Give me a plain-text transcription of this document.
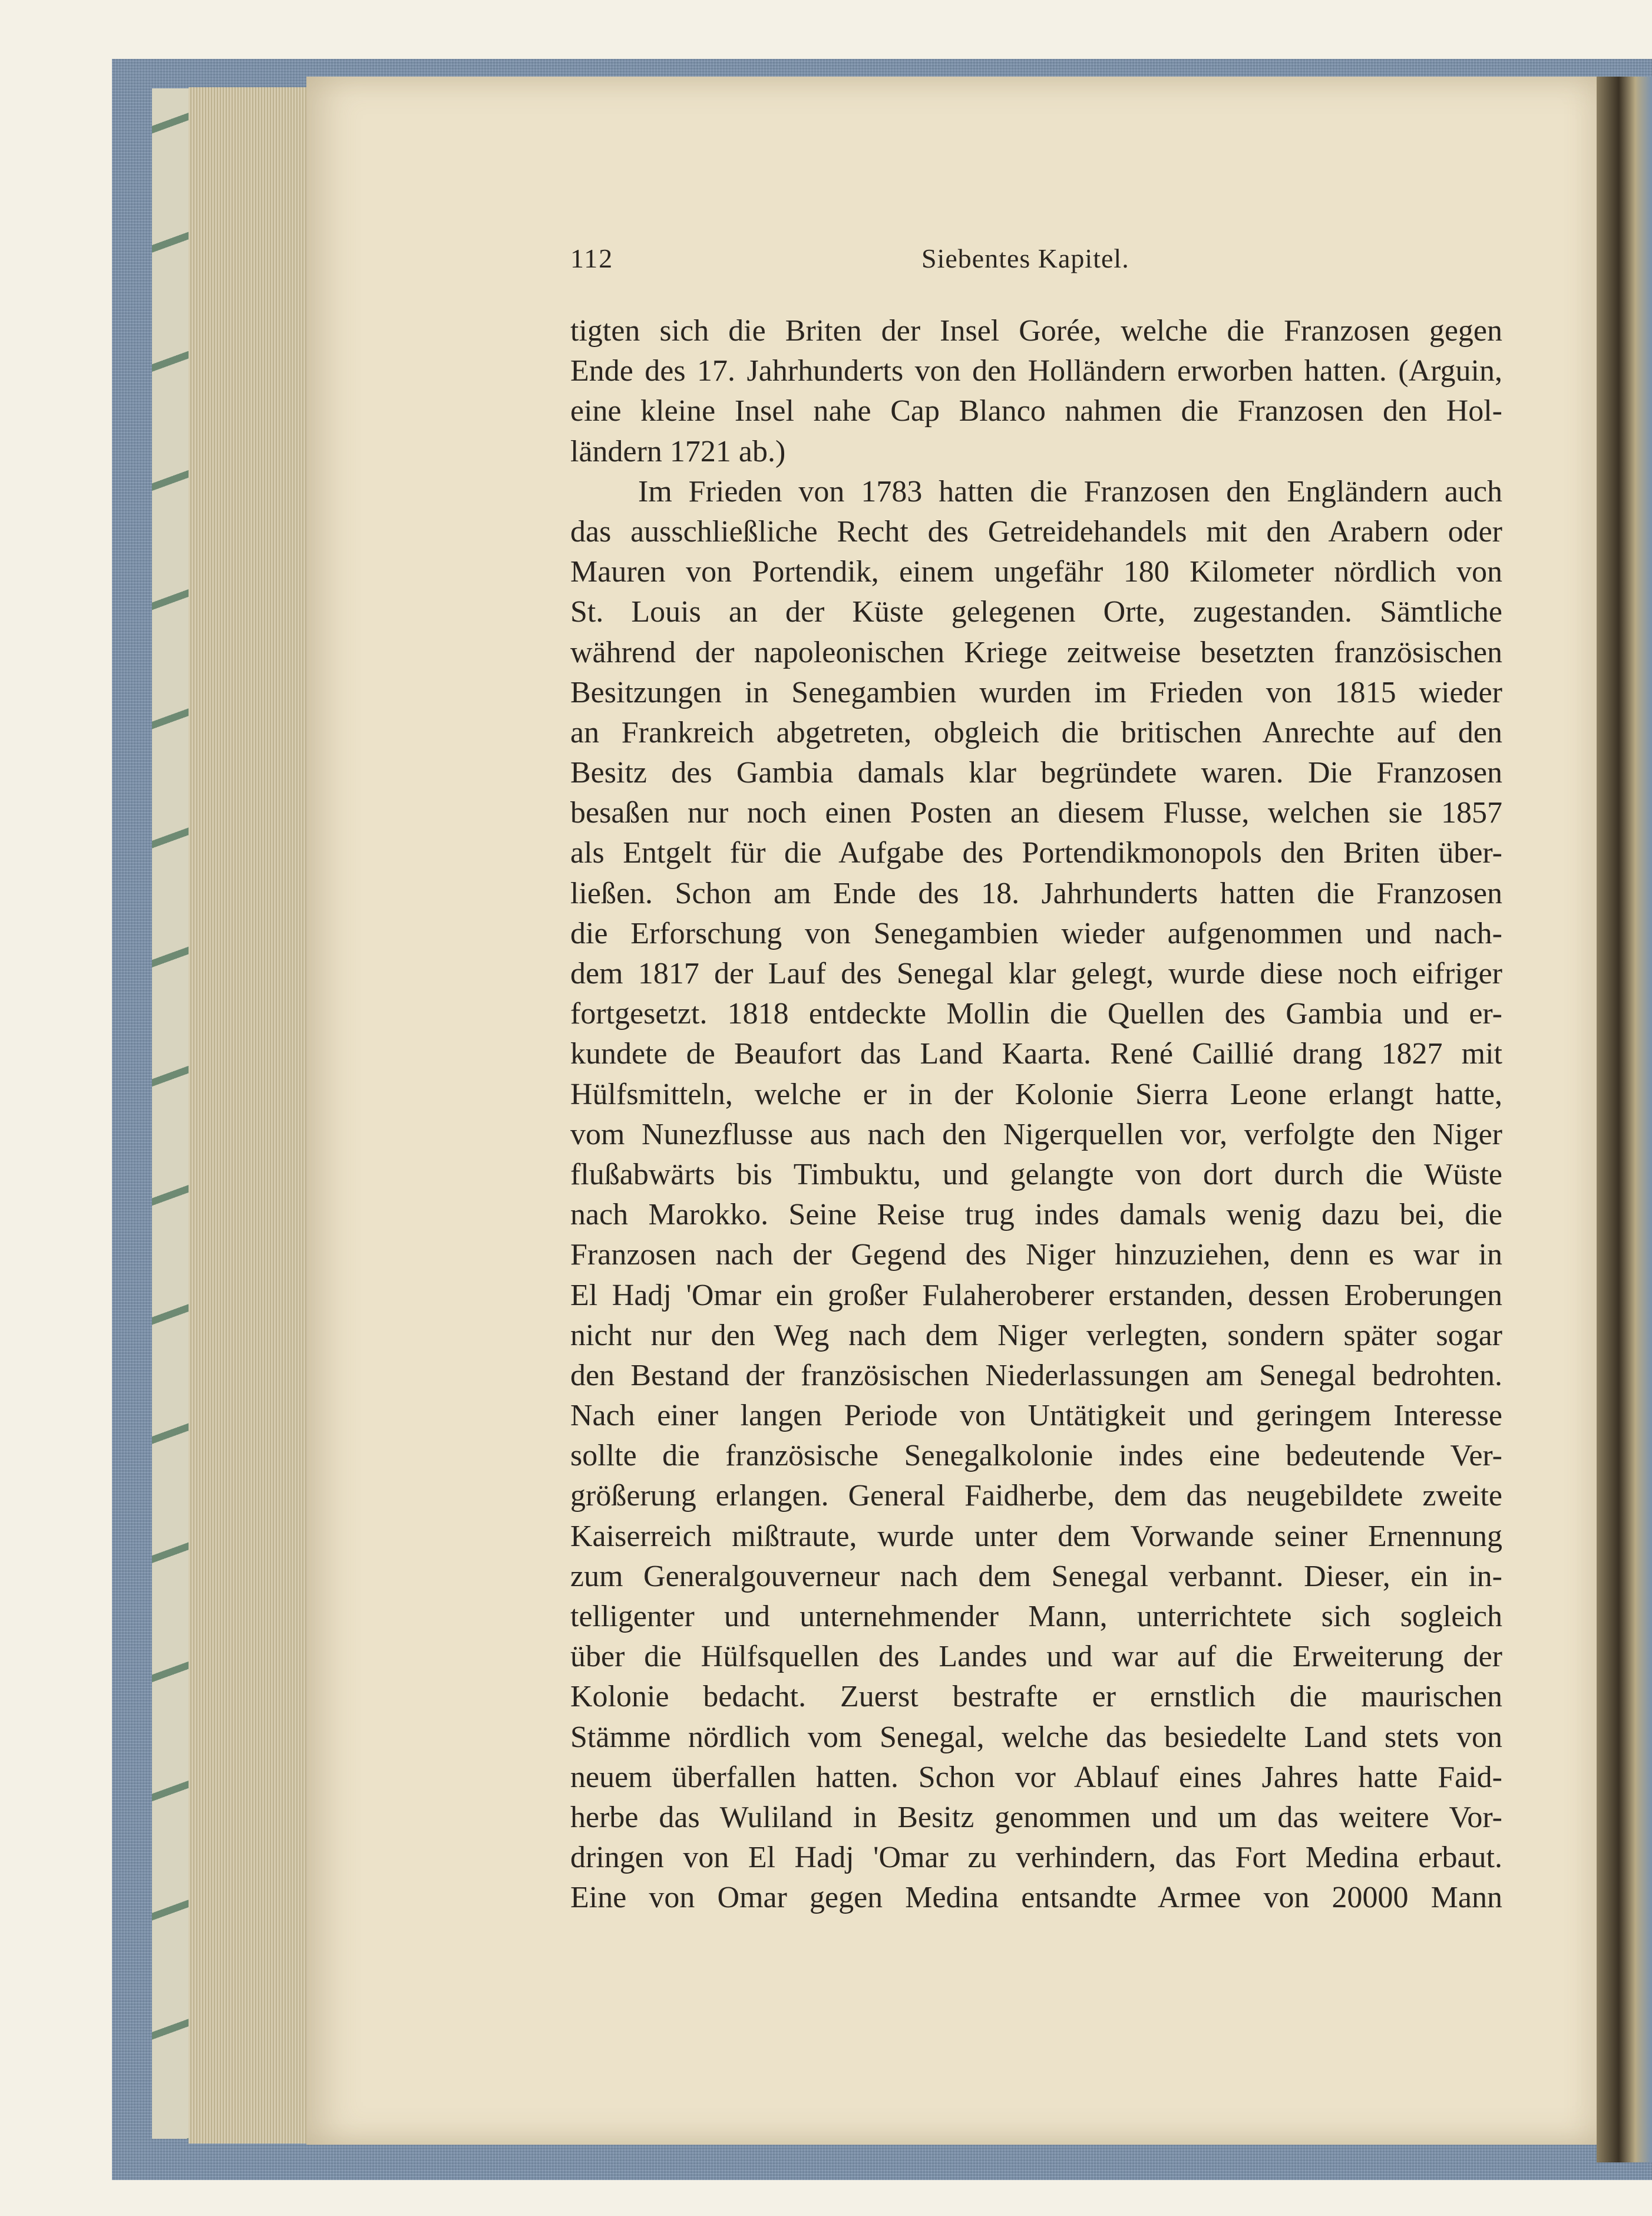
112	Siebentes Kapitel.
tigten sich die Briten der Insel Gorée, welche die Franzosen gegen
Ende des 17. Jahrhunderts von den Holländern erworben hatten. (Arguin,
eine kleine Insel nahe Cap Blanco nahmen die Franzosen den Hol-
ländern 1721 ab.)
Im Frieden von 1783 hatten die Franzosen den Engländern auch
das ausschließliche Recht des Getreidehandels mit den Arabern oder
Mauren von Portendik, einem ungefähr 180 Kilometer nördlich von
St. Louis an der Küste gelegenen Orte, zugestanden. Sämtliche
während der napoleonischen Kriege zeitweise besetzten französischen
Besitzungen in Senegambien wurden im Frieden von 1815 wieder
an Frankreich abgetreten, obgleich die britischen Anrechte auf den
Besitz des Gambia damals klar begründete waren. Die Franzosen
besaßen nur noch einen Posten an diesem Flusse, welchen sie 1857
als Entgelt für die Aufgabe des Portendikmonopols den Briten über-
ließen. Schon am Ende des 18. Jahrhunderts hatten die Franzosen
die Erforschung von Senegambien wieder aufgenommen und nach-
dem 1817 der Lauf des Senegal klar gelegt, wurde diese noch eifriger
fortgesetzt. 1818 entdeckte Mollin die Quellen des Gambia und er-
kundete de Beaufort das Land Kaarta. René Caillié drang 1827 mit
Hülfsmitteln, welche er in der Kolonie Sierra Leone erlangt hatte,
vom Nunezflusse aus nach den Nigerquellen vor, verfolgte den Niger
flußabwärts bis Timbuktu, und gelangte von dort durch die Wüste
nach Marokko. Seine Reise trug indes damals wenig dazu bei, die
Franzosen nach der Gegend des Niger hinzuziehen, denn es war in
El Hadj 'Omar ein großer Fulaheroberer erstanden, dessen Eroberungen
nicht nur den Weg nach dem Niger verlegten, sondern später sogar
den Bestand der französischen Niederlassungen am Senegal bedrohten.
Nach einer langen Periode von Untätigkeit und geringem Interesse
sollte die französische Senegalkolonie indes eine bedeutende Ver-
größerung erlangen. General Faidherbe, dem das neugebildete zweite
Kaiserreich mißtraute, wurde unter dem Vorwande seiner Ernennung
zum Generalgouverneur nach dem Senegal verbannt. Dieser, ein in-
telligenter und unternehmender Mann, unterrichtete sich sogleich
über die Hülfsquellen des Landes und war auf die Erweiterung der
Kolonie bedacht. Zuerst bestrafte er ernstlich die maurischen
Stämme nördlich vom Senegal, welche das besiedelte Land stets von
neuem überfallen hatten. Schon vor Ablauf eines Jahres hatte Faid-
herbe das Wuliland in Besitz genommen und um das weitere Vor-
dringen von El Hadj 'Omar zu verhindern, das Fort Medina erbaut.
Eine von Omar gegen Medina entsandte Armee von 20000 Mann
